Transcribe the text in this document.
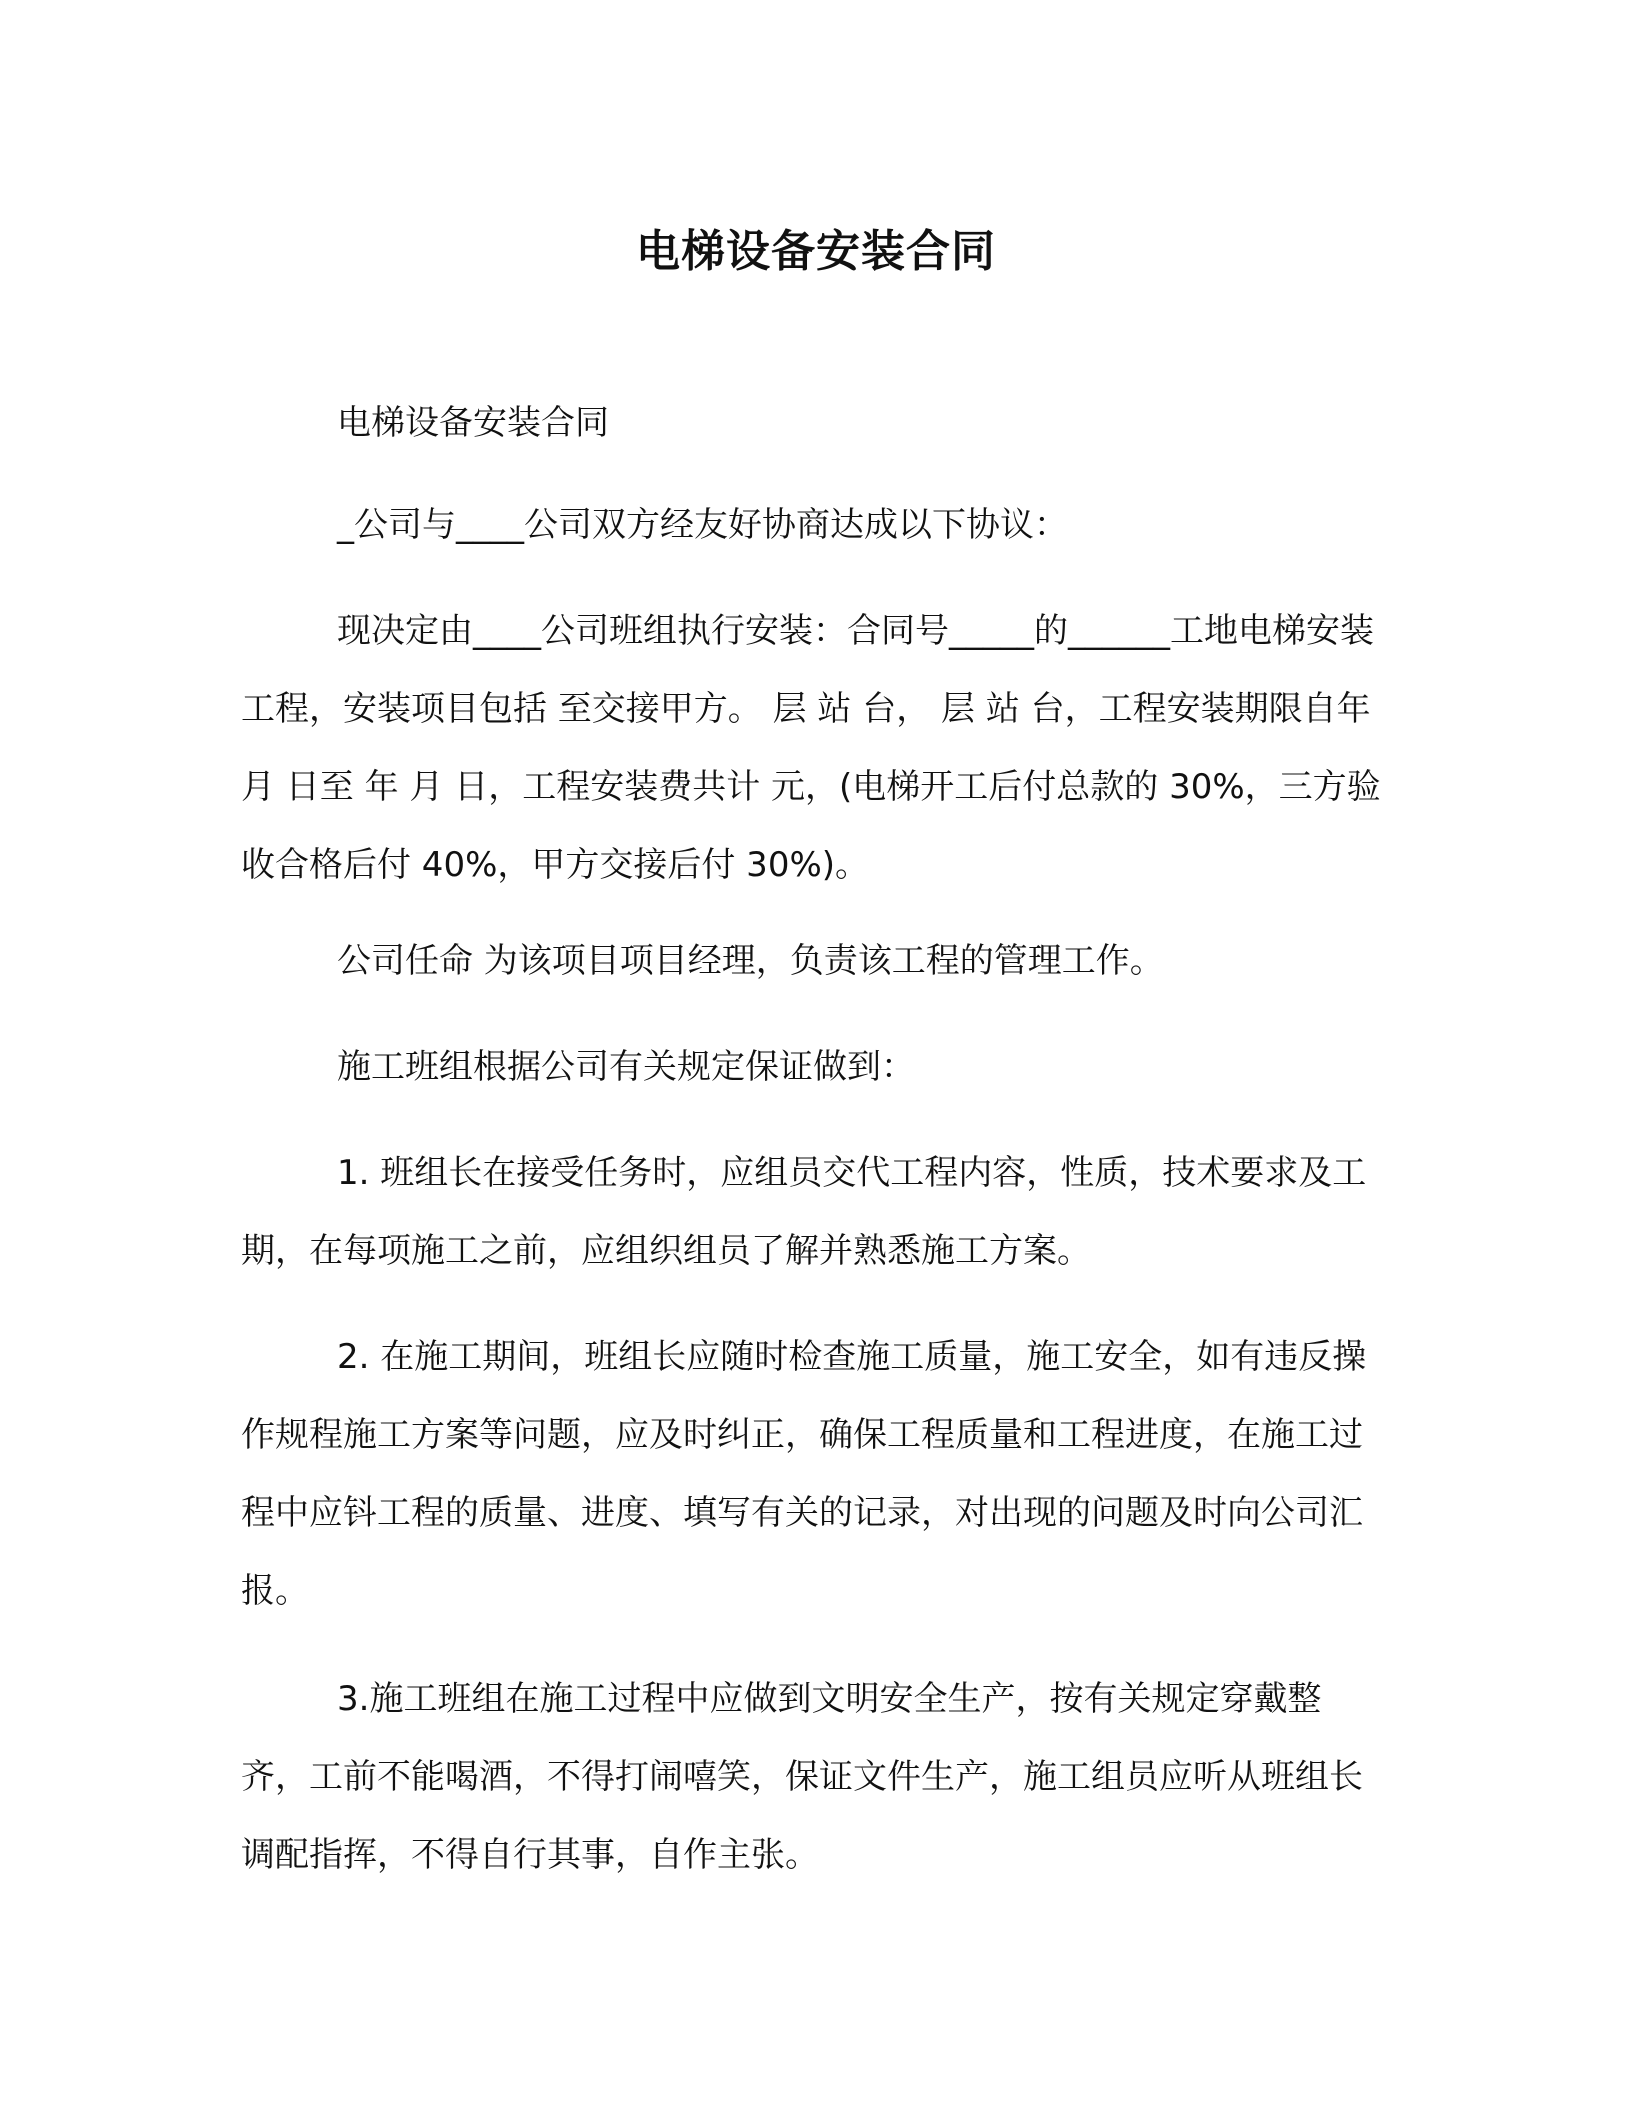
电梯设备安装合同

电梯设备安装合同

_公司与____公司双方经友好协商达成以下协议：

现决定由____公司班组执行安装：合同号_____的______工地电梯安装工程，安装项目包括 至交接甲方。 层 站 台， 层 站 台，工程安装期限自年 月 日至 年 月 日，工程安装费共计 元，(电梯开工后付总款的 30%，三方验收合格后付 40%，甲方交接后付 30%)。

公司任命 为该项目项目经理，负责该工程的管理工作。

施工班组根据公司有关规定保证做到：

1. 班组长在接受任务时，应组员交代工程内容，性质，技术要求及工期，在每项施工之前，应组织组员了解并熟悉施工方案。

2. 在施工期间，班组长应随时检查施工质量，施工安全，如有违反操作规程施工方案等问题，应及时纠正，确保工程质量和工程进度，在施工过程中应钭工程的质量、进度、填写有关的记录，对出现的问题及时向公司汇报。

3.施工班组在施工过程中应做到文明安全生产，按有关规定穿戴整齐，工前不能喝酒，不得打闹嘻笑，保证文件生产，施工组员应听从班组长调配指挥，不得自行其事，自作主张。
